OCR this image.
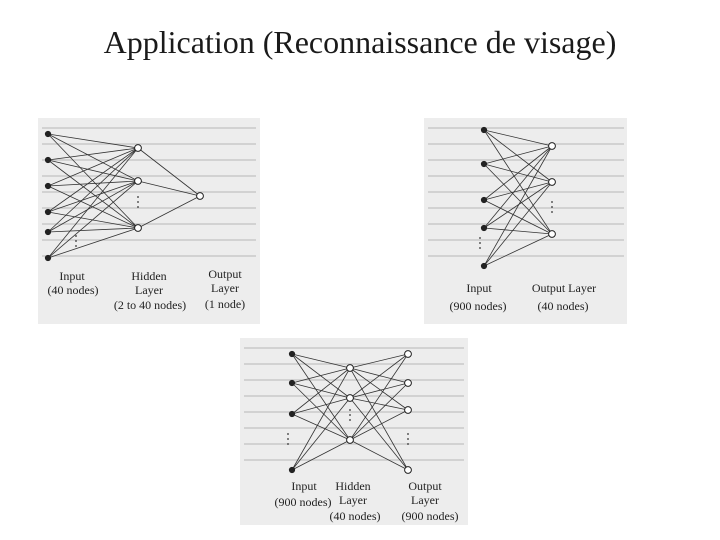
Application (Reconnaissance de visage)
Input
(40 nodes)
Hidden
Layer
(2 to 40 nodes)
Output
Layer
(1 node)
Input
(900 nodes)
Output Layer
(40 nodes)
Input
(900 nodes)
Hidden
Layer
(40 nodes)
Output
Layer
(900 nodes)
